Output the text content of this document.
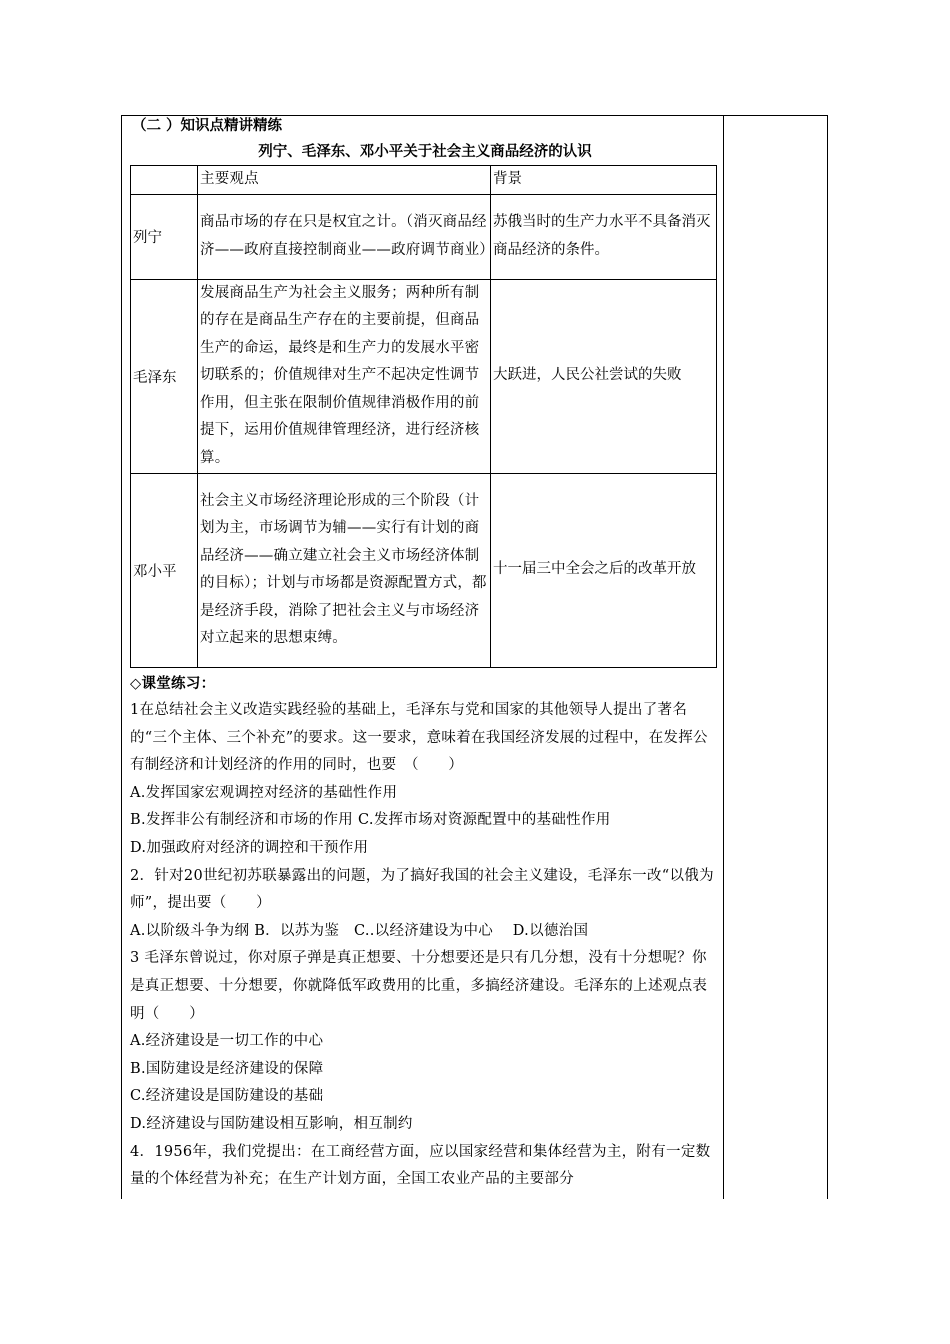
（二 ）知识点精讲精练
列宁、毛泽东、邓小平关于社会主义商品经济的认识
	主要观点	背景
列宁	商品市场的存在只是权宜之计。（消灭商品经济——政府直接控制商业——政府调节商业）	苏俄当时的生产力水平不具备消灭商品经济的条件。
毛泽东	发展商品生产为社会主义服务；两种所有制的存在是商品生产存在的主要前提，但商品生产的命运，最终是和生产力的发展水平密切联系的；价值规律对生产不起决定性调节作用，但主张在限制价值规律消极作用的前提下，运用价值规律管理经济，进行经济核算。	大跃进，人民公社尝试的失败
邓小平	社会主义市场经济理论形成的三个阶段（计划为主，市场调节为辅——实行有计划的商品经济——确立建立社会主义市场经济体制的目标）；计划与市场都是资源配置方式，都是经济手段，消除了把社会主义与市场经济对立起来的思想束缚。	十一届三中全会之后的改革开放
◇课堂练习：

1在总结社会主义改造实践经验的基础上，毛泽东与党和国家的其他领导人提出了著名的“三个主体、三个补充”的要求。这一要求，意味着在我国经济发展的过程中，在发挥公有制经济和计划经济的作用的同时，也要　（　　）

A.发挥国家宏观调控对经济的基础性作用

B.发挥非公有制经济和市场的作用 C.发挥市场对资源配置中的基础性作用

D.加强政府对经济的调控和干预作用

2．针对20世纪初苏联暴露出的问题，为了搞好我国的社会主义建设，毛泽东一改“以俄为师”，提出要（　　）

A.以阶级斗争为纲 B．以苏为鉴　C..以经济建设为中心　 D.以德治国

3 毛泽东曾说过，你对原子弹是真正想要、十分想要还是只有几分想，没有十分想呢？你是真正想要、十分想要，你就降低军政费用的比重，多搞经济建设。毛泽东的上述观点表明（　　）

A.经济建设是一切工作的中心

B.国防建设是经济建设的保障

C.经济建设是国防建设的基础

D.经济建设与国防建设相互影响，相互制约

4．1956年，我们党提出：在工商经营方面，应以国家经营和集体经营为主，附有一定数量的个体经营为补充；在生产计划方面，全国工农业产品的主要部分
